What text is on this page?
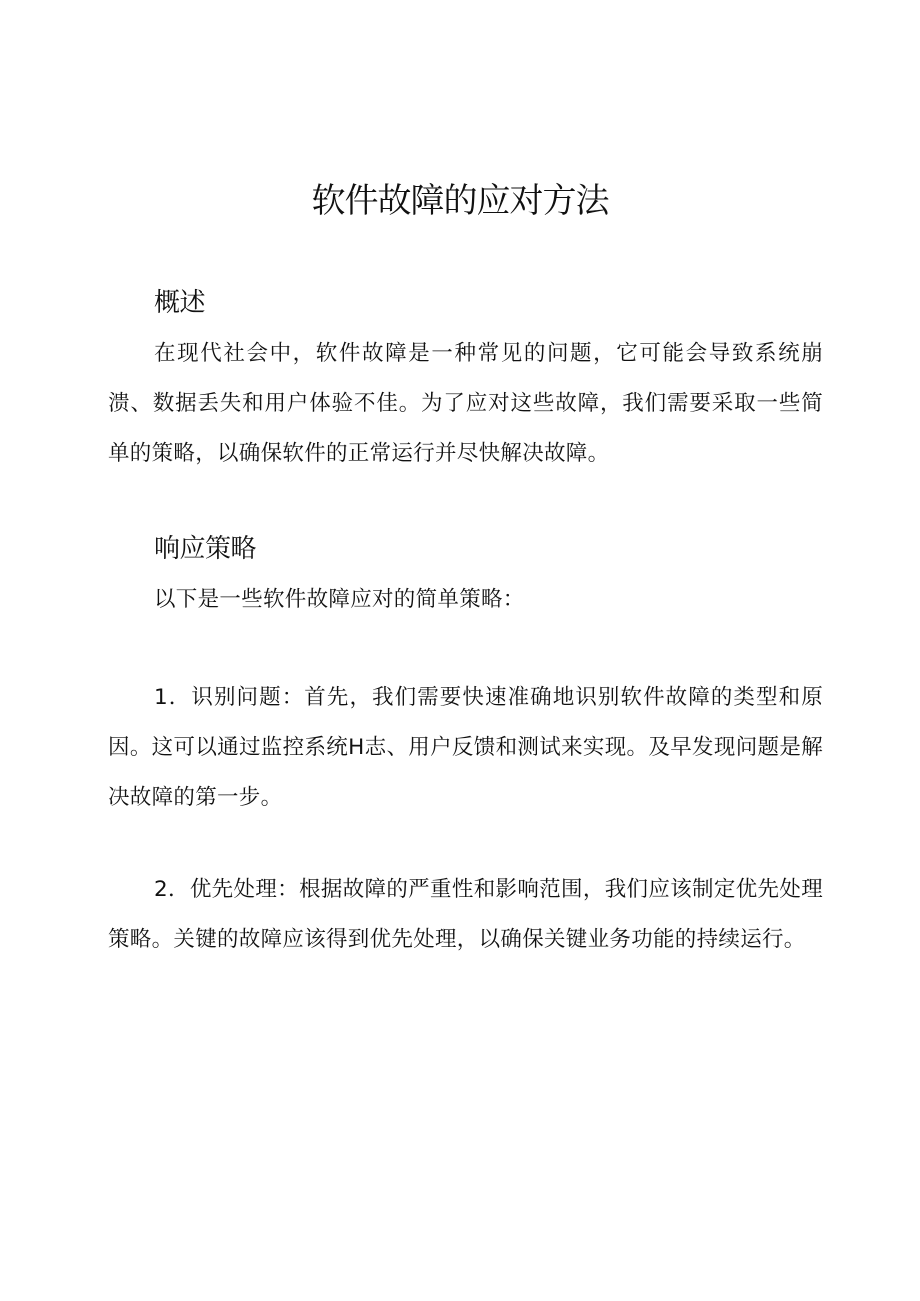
软件故障的应对方法
概述

在现代社会中，软件故障是一种常见的问题，它可能会导致系统崩溃、数据丢失和用户体验不佳。为了应对这些故障，我们需要采取一些简单的策略，以确保软件的正常运行并尽快解决故障。

响应策略

以下是一些软件故障应对的简单策略：

1．识别问题：首先，我们需要快速准确地识别软件故障的类型和原因。这可以通过监控系统H志、用户反馈和测试来实现。及早发现问题是解决故障的第一步。

2．优先处理：根据故障的严重性和影响范围，我们应该制定优先处理策略。关键的故障应该得到优先处理，以确保关键业务功能的持续运行。
